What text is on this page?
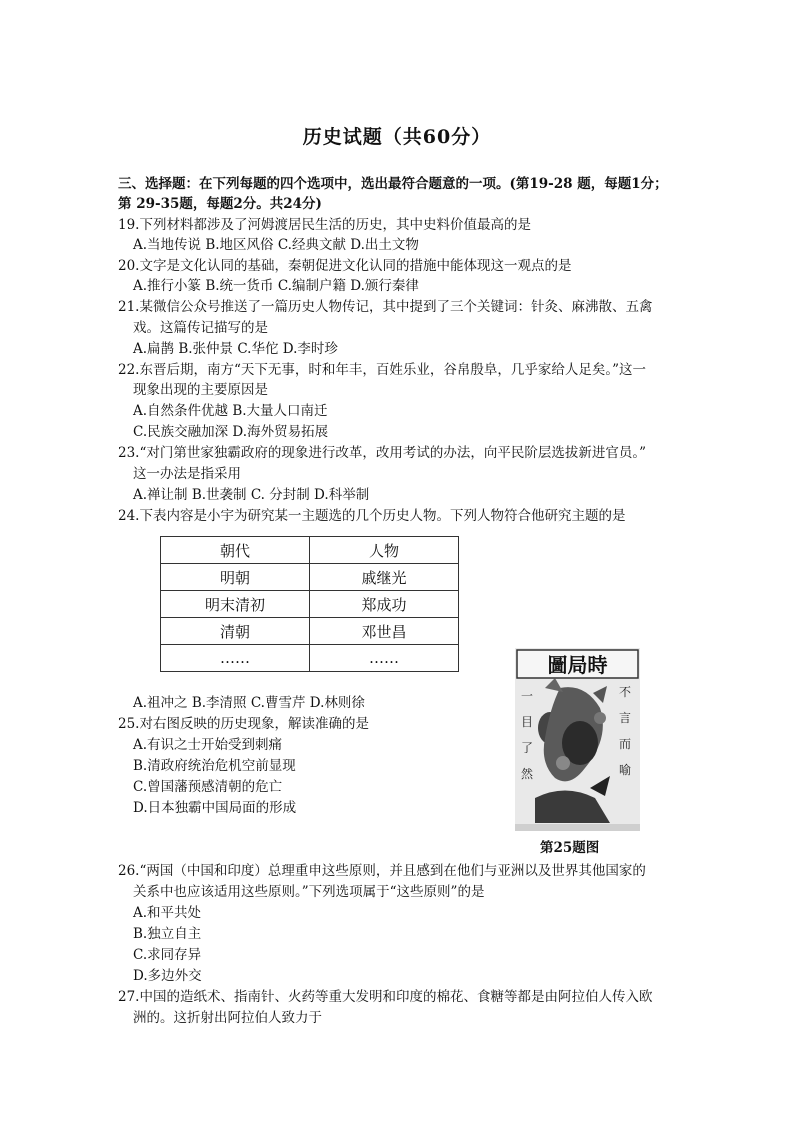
历史试题（共60分）
三、选择题：在下列每题的四个选项中，选出最符合题意的一项。(第19-28 题，每题1分；
第 29-35题，每题2分。共24分)
19.下列材料都涉及了河姆渡居民生活的历史，其中史料价值最高的是
A.当地传说 B.地区风俗 C.经典文献 D.出土文物
20.文字是文化认同的基础，秦朝促进文化认同的措施中能体现这一观点的是
A.推行小篆 B.统一货币 C.编制户籍 D.颁行秦律
21.某微信公众号推送了一篇历史人物传记，其中提到了三个关键词：针灸、麻沸散、五禽
戏。这篇传记描写的是
A.扁鹊 B.张仲景 C.华佗 D.李时珍
22.东晋后期，南方“天下无事，时和年丰，百姓乐业，谷帛殷阜，几乎家给人足矣。”这一
现象出现的主要原因是
A.自然条件优越 B.大量人口南迁
C.民族交融加深 D.海外贸易拓展
23.“对门第世家独霸政府的现象进行改革，改用考试的办法，向平民阶层选拔新进官员。”
这一办法是指采用
A.禅让制 B.世袭制 C. 分封制 D.科举制
24.下表内容是小宇为研究某一主题选的几个历史人物。下列人物符合他研究主题的是
朝代	人物
明朝	戚继光
明末清初	郑成功
清朝	邓世昌
……	……
A.祖冲之 B.李清照 C.曹雪芹 D.林则徐
25.对右图反映的历史现象，解读准确的是
A.有识之士开始受到刺痛
B.清政府统治危机空前显现
C.曾国藩预感清朝的危亡
D.日本独霸中国局面的形成
圖局時
不
言
而
喻
一
目
了
然
第25题图
26.“两国（中国和印度）总理重申这些原则，并且感到在他们与亚洲以及世界其他国家的
关系中也应该适用这些原则。”下列选项属于“这些原则”的是
A.和平共处
B.独立自主
C.求同存异
D.多边外交
27.中国的造纸术、指南针、火药等重大发明和印度的棉花、食糖等都是由阿拉伯人传入欧
洲的。这折射出阿拉伯人致力于
